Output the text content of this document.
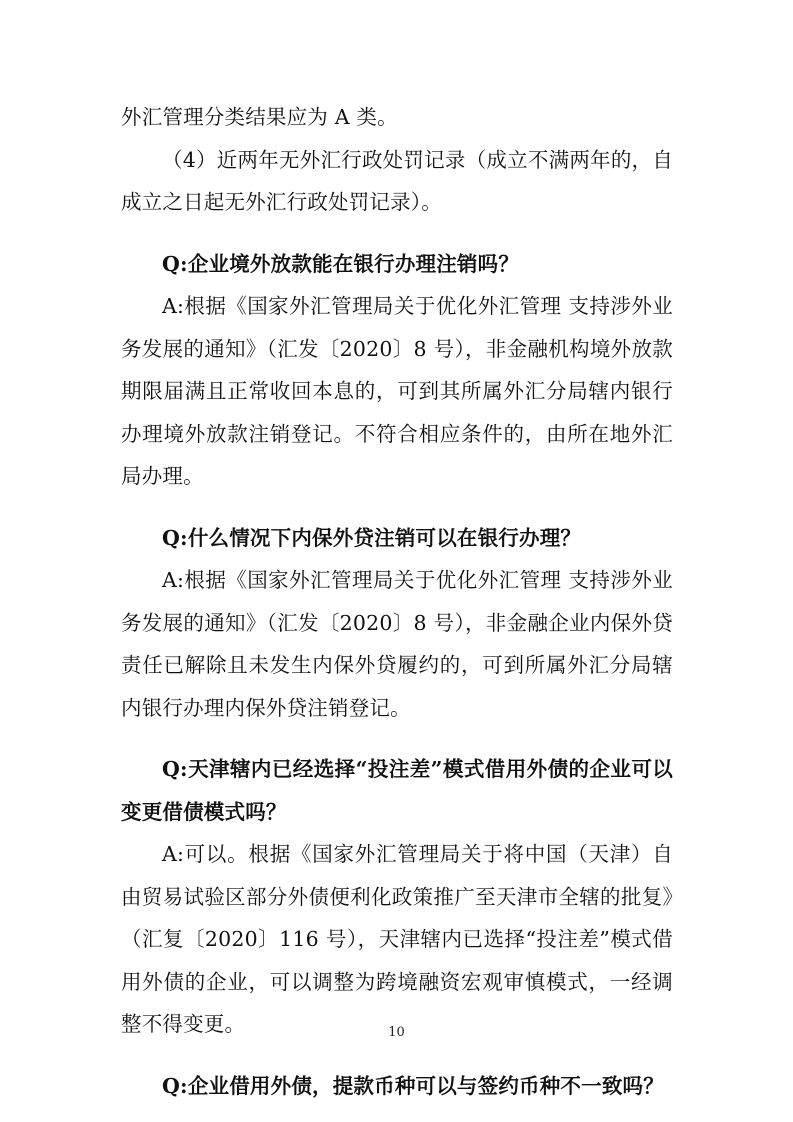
外汇管理分类结果应为 A 类。

（4）近两年无外汇行政处罚记录（成立不满两年的，自成立之日起无外汇行政处罚记录）。

Q:企业境外放款能在银行办理注销吗？

A:根据《国家外汇管理局关于优化外汇管理 支持涉外业务发展的通知》（汇发〔2020〕8 号），非金融机构境外放款期限届满且正常收回本息的，可到其所属外汇分局辖内银行办理境外放款注销登记。不符合相应条件的，由所在地外汇局办理。

Q:什么情况下内保外贷注销可以在银行办理？

A:根据《国家外汇管理局关于优化外汇管理 支持涉外业务发展的通知》（汇发〔2020〕8 号），非金融企业内保外贷责任已解除且未发生内保外贷履约的，可到所属外汇分局辖内银行办理内保外贷注销登记。

Q:天津辖内已经选择“投注差”模式借用外债的企业可以变更借债模式吗？

A:可以。根据《国家外汇管理局关于将中国（天津）自由贸易试验区部分外债便利化政策推广至天津市全辖的批复》（汇复〔2020〕116 号），天津辖内已选择“投注差”模式借用外债的企业，可以调整为跨境融资宏观审慎模式，一经调整不得变更。

Q:企业借用外债，提款币种可以与签约币种不一致吗？

10
